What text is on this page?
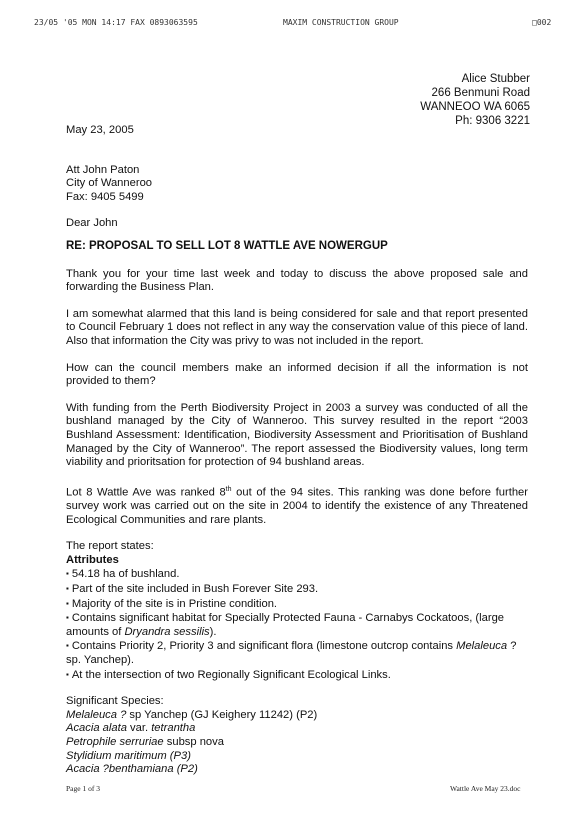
23/05 '05 MON 14:17 FAX 0893063595	MAXIM CONSTRUCTION GROUP	□002
Alice Stubber
266 Benmuni Road
WANNEOO WA 6065
Ph: 9306 3221

May 23, 2005

Att John Paton
City of Wanneroo
Fax: 9405 5499

Dear John

RE: PROPOSAL TO SELL LOT 8 WATTLE AVE NOWERGUP

Thank you for your time last week and today to discuss the above proposed sale and forwarding the Business Plan.

I am somewhat alarmed that this land is being considered for sale and that report presented to Council February 1 does not reflect in any way the conservation value of this piece of land. Also that information the City was privy to was not included in the report.

How can the council members make an informed decision if all the information is not provided to them?

With funding from the Perth Biodiversity Project in 2003 a survey was conducted of all the bushland managed by the City of Wanneroo. This survey resulted in the report “2003 Bushland Assessment: Identification, Biodiversity Assessment and Prioritisation of Bushland Managed by the City of Wanneroo”. The report assessed the Biodiversity values, long term viability and prioritsation for protection of 94 bushland areas.

Lot 8 Wattle Ave was ranked 8th out of the 94 sites. This ranking was done before further survey work was carried out on the site in 2004 to identify the existence of any Threatened Ecological Communities and rare plants.

The report states:

Attributes

▪ 54.18 ha of bushland.
▪ Part of the site included in Bush Forever Site 293.
▪ Majority of the site is in Pristine condition.
▪ Contains significant habitat for Specially Protected Fauna - Carnabys Cockatoos, (large amounts of Dryandra sessilis).
▪ Contains Priority 2, Priority 3 and significant flora (limestone outcrop contains Melaleuca ? sp. Yanchep).
▪ At the intersection of two Regionally Significant Ecological Links.

Significant Species:

Melaleuca ? sp Yanchep (GJ Keighery 11242) (P2)

Acacia alata var. tetrantha

Petrophile serruriae subsp nova

Stylidium maritimum (P3)

Acacia ?benthamiana (P2)

Page 1 of 3	Wattle Ave May 23.doc
